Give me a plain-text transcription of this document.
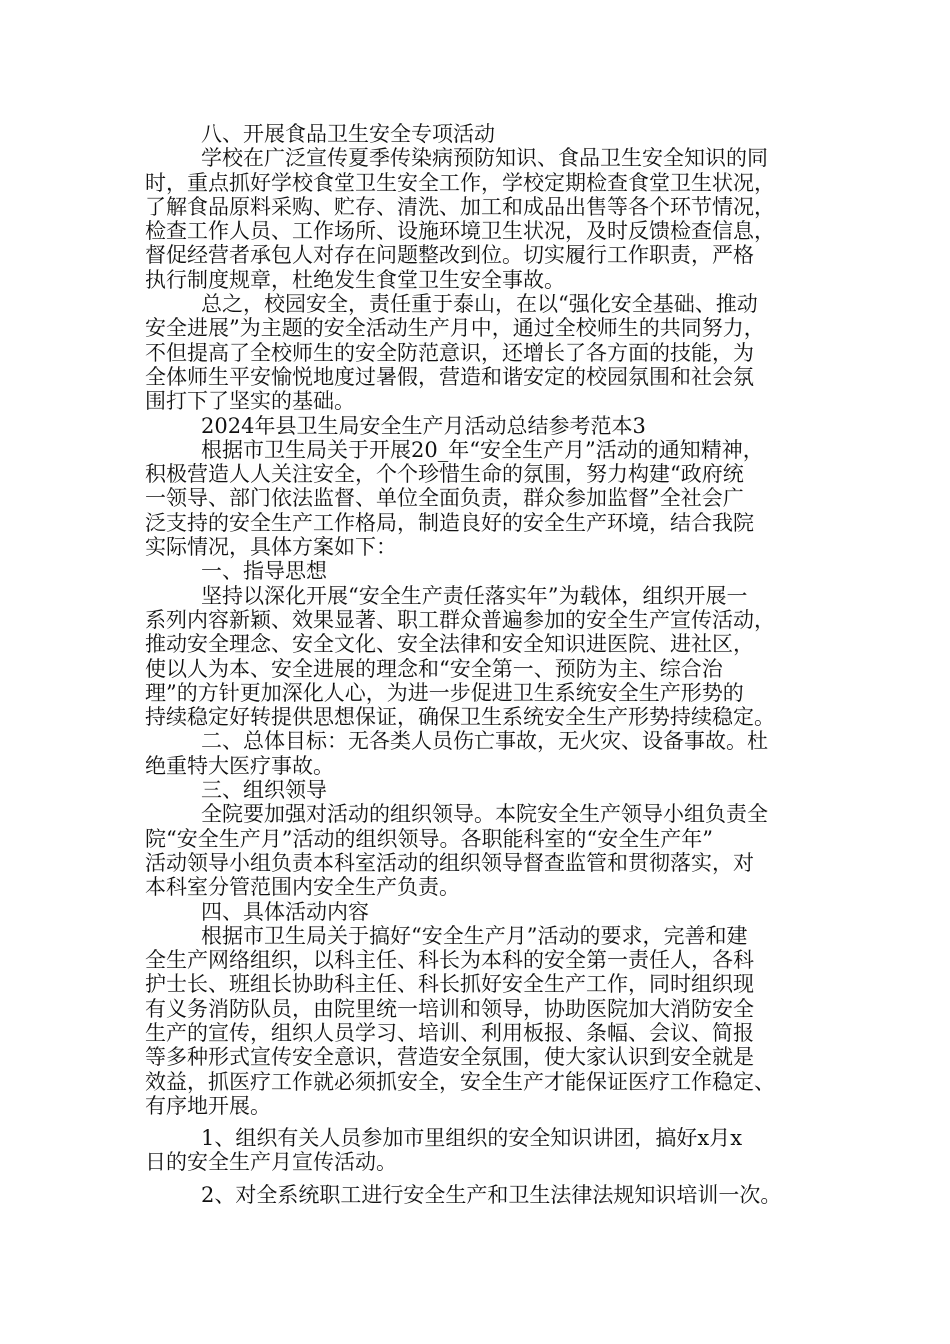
八、开展食品卫生安全专项活动
学校在广泛宣传夏季传染病预防知识、食品卫生安全知识的同
时，重点抓好学校食堂卫生安全工作，学校定期检查食堂卫生状况，
了解食品原料采购、贮存、清洗、加工和成品出售等各个环节情况，
检查工作人员、工作场所、设施环境卫生状况，及时反馈检查信息，
督促经营者承包人对存在问题整改到位。切实履行工作职责，严格
执行制度规章，杜绝发生食堂卫生安全事故。
总之，校园安全，责任重于泰山，在以“强化安全基础、推动
安全进展”为主题的安全活动生产月中，通过全校师生的共同努力，
不但提高了全校师生的安全防范意识，还增长了各方面的技能，为
全体师生平安愉悦地度过暑假，营造和谐安定的校园氛围和社会氛
围打下了坚实的基础。
2024年县卫生局安全生产月活动总结参考范本3
根据市卫生局关于开展20_年“安全生产月”活动的通知精神，
积极营造人人关注安全，个个珍惜生命的氛围，努力构建“政府统
一领导、部门依法监督、单位全面负责，群众参加监督”全社会广
泛支持的安全生产工作格局，制造良好的安全生产环境，结合我院
实际情况，具体方案如下：
一、指导思想
坚持以深化开展“安全生产责任落实年”为载体，组织开展一
系列内容新颖、效果显著、职工群众普遍参加的安全生产宣传活动，
推动安全理念、安全文化、安全法律和安全知识进医院、进社区，
使以人为本、安全进展的理念和“安全第一、预防为主、综合治
理”的方针更加深化人心，为进一步促进卫生系统安全生产形势的
持续稳定好转提供思想保证，确保卫生系统安全生产形势持续稳定。
二、总体目标：无各类人员伤亡事故，无火灾、设备事故。杜
绝重特大医疗事故。
三、组织领导
全院要加强对活动的组织领导。本院安全生产领导小组负责全
院“安全生产月”活动的组织领导。各职能科室的“安全生产年”
活动领导小组负责本科室活动的组织领导督查监管和贯彻落实，对
本科室分管范围内安全生产负责。
四、具体活动内容
根据市卫生局关于搞好“安全生产月”活动的要求，完善和建
全生产网络组织，以科主任、科长为本科的安全第一责任人，各科
护士长、班组长协助科主任、科长抓好安全生产工作，同时组织现
有义务消防队员，由院里统一培训和领导，协助医院加大消防安全
生产的宣传，组织人员学习、培训、利用板报、条幅、会议、简报
等多种形式宣传安全意识，营造安全氛围，使大家认识到安全就是
效益，抓医疗工作就必须抓安全，安全生产才能保证医疗工作稳定、
有序地开展。
1、组织有关人员参加市里组织的安全知识讲团，搞好x月x
日的安全生产月宣传活动。
2、对全系统职工进行安全生产和卫生法律法规知识培训一次。
